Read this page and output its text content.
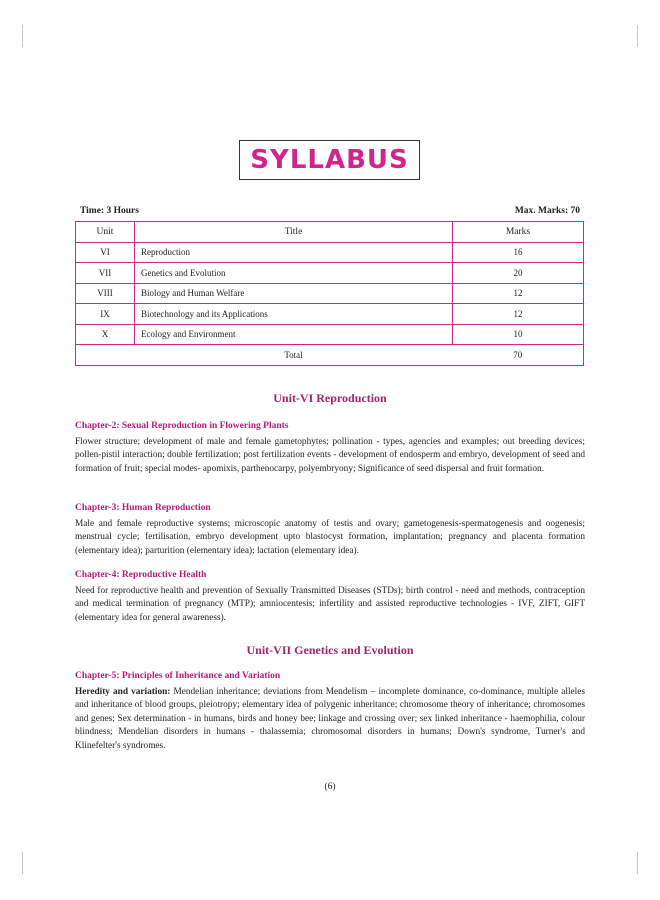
SYLLABUS
Time: 3 Hours	Max. Marks: 70
Unit	Title	Marks
VI	Reproduction	16
VII	Genetics and Evolution	20
VIII	Biology and Human Welfare	12
IX	Biotechnology and its Applications	12
X	Ecology and Environment	10
	Total	70
Unit-VI Reproduction
Chapter-2: Sexual Reproduction in Flowering Plants

Flower structure; development of male and female gametophytes; pollination - types, agencies and examples; out breeding devices; pollen-pistil interaction; double fertilization; post fertilization events - development of endosperm and embryo, development of seed and formation of fruit; special modes- apomixis, parthenocarpy, polyembryony; Significance of seed dispersal and fruit formation.

Chapter-3: Human Reproduction

Male and female reproductive systems; microscopic anatomy of testis and ovary; gametogenesis-spermatogenesis and oogenesis; menstrual cycle; fertilisation, embryo development upto blastocyst formation, implantation; pregnancy and placenta formation (elementary idea); parturition (elementary idea); lactation (elementary idea).

Chapter-4: Reproductive Health

Need for reproductive health and prevention of Sexually Transmitted Diseases (STDs); birth control - need and methods, contraception and medical termination of pregnancy (MTP); amniocentesis; infertility and assisted reproductive technologies - IVF, ZIFT, GIFT (elementary idea for general awareness).

Unit-VII Genetics and Evolution
Chapter-5: Principles of Inheritance and Variation

Heredity and variation: Mendelian inheritance; deviations from Mendelism – incomplete dominance, co-dominance, multiple alleles and inheritance of blood groups, pleiotropy; elementary idea of polygenic inheritance; chromosome theory of inheritance; chromosomes and genes; Sex determination - in humans, birds and honey bee; linkage and crossing over; sex linked inheritance - haemophilia, colour blindness; Mendelian disorders in humans - thalassemia; chromosomal disorders in humans; Down's syndrome, Turner's and Klinefelter's syndromes.

(6)
